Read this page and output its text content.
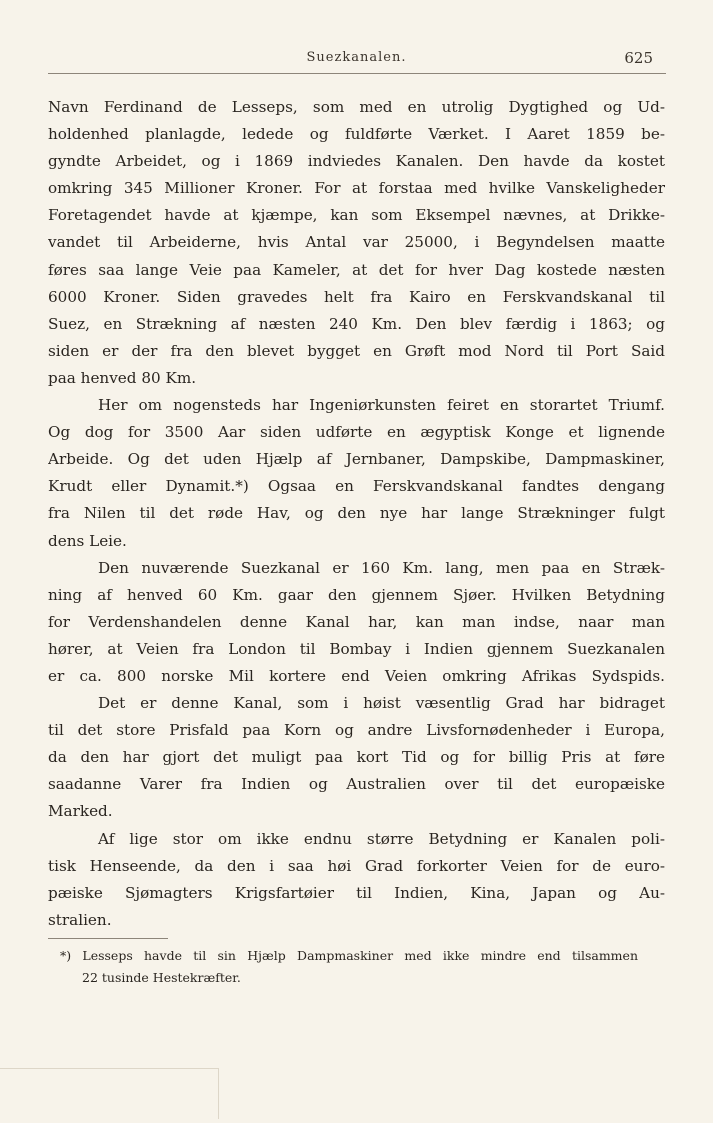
Suezkanalen.	625
Navn Ferdinand de Lesseps, som med en utrolig Dygtighed og Ud-
holdenhed planlagde, ledede og fuldførte Værket. I Aaret 1859 be-
gyndte Arbeidet, og i 1869 indviedes Kanalen. Den havde da kostet
omkring 345 Millioner Kroner. For at forstaa med hvilke Vanskeligheder
Foretagendet havde at kjæmpe, kan som Eksempel nævnes, at Drikke-
vandet til Arbeiderne, hvis Antal var 25000, i Begyndelsen maatte
føres saa lange Veie paa Kameler, at det for hver Dag kostede næsten
6000 Kroner. Siden gravedes helt fra Kairo en Ferskvandskanal til
Suez, en Strækning af næsten 240 Km. Den blev færdig i 1863; og
siden er der fra den blevet bygget en Grøft mod Nord til Port Said
paa henved 80 Km.
Her om nogensteds har Ingeniørkunsten feiret en storartet Triumf.
Og dog for 3500 Aar siden udførte en ægyptisk Konge et lignende
Arbeide. Og det uden Hjælp af Jernbaner, Dampskibe, Dampmaskiner,
Krudt eller Dynamit.*) Ogsaa en Ferskvandskanal fandtes dengang
fra Nilen til det røde Hav, og den nye har lange Strækninger fulgt
dens Leie.
Den nuværende Suezkanal er 160 Km. lang, men paa en Stræk-
ning af henved 60 Km. gaar den gjennem Sjøer. Hvilken Betydning
for Verdenshandelen denne Kanal har, kan man indse, naar man
hører, at Veien fra London til Bombay i Indien gjennem Suezkanalen
er ca. 800 norske Mil kortere end Veien omkring Afrikas Sydspids.
Det er denne Kanal, som i høist væsentlig Grad har bidraget
til det store Prisfald paa Korn og andre Livsfornødenheder i Europa,
da den har gjort det muligt paa kort Tid og for billig Pris at føre
saadanne Varer fra Indien og Australien over til det europæiske
Marked.
Af lige stor om ikke endnu større Betydning er Kanalen poli-
tisk Henseende, da den i saa høi Grad forkorter Veien for de euro-
pæiske Sjømagters Krigsfartøier til Indien, Kina, Japan og Au-
stralien.
*) Lesseps havde til sin Hjælp Dampmaskiner med ikke mindre end tilsammen
22 tusinde Hestekræfter.
